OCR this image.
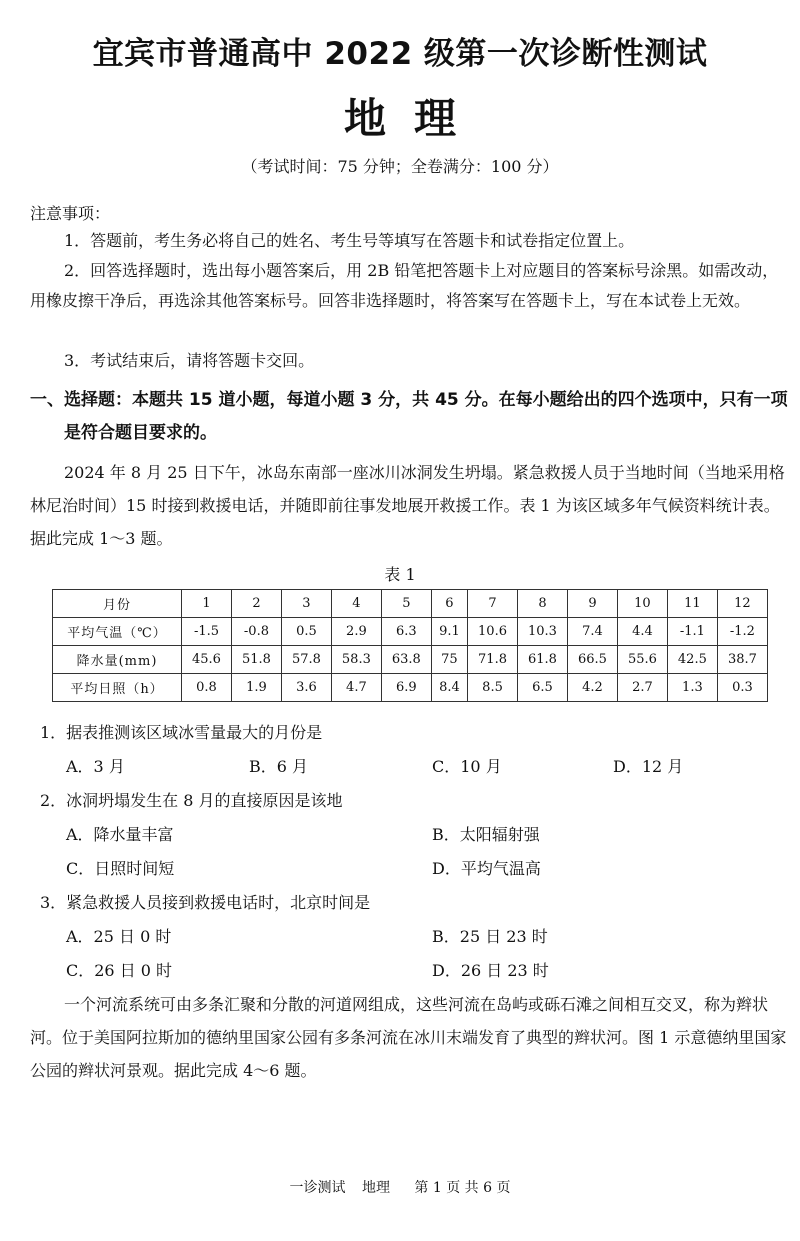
宜宾市普通高中 2022 级第一次诊断性测试
地理
（考试时间：75 分钟；全卷满分：100 分）
注意事项：

1．答题前，考生务必将自己的姓名、考生号等填写在答题卡和试卷指定位置上。

2．回答选择题时，选出每小题答案后，用 2B 铅笔把答题卡上对应题目的答案标号涂黑。如需改动，用橡皮擦干净后，再选涂其他答案标号。回答非选择题时，将答案写在答题卡上，写在本试卷上无效。

3．考试结束后，请将答题卡交回。

一、选择题：本题共 15 道小题，每道小题 3 分，共 45 分。在每小题给出的四个选项中，只有一项是符合题目要求的。

2024 年 8 月 25 日下午，冰岛东南部一座冰川冰洞发生坍塌。紧急救援人员于当地时间（当地采用格林尼治时间）15 时接到救援电话，并随即前往事发地展开救援工作。表 1 为该区域多年气候资料统计表。据此完成 1～3 题。

表 1
月份	1	2	3	4	5	6	7	8	9	10	11	12
平均气温（℃）	-1.5	-0.8	0.5	2.9	6.3	9.1	10.6	10.3	7.4	4.4	-1.1	-1.2
降水量(mm)	45.6	51.8	57.8	58.3	63.8	75	71.8	61.8	66.5	55.6	42.5	38.7
平均日照（h）	0.8	1.9	3.6	4.7	6.9	8.4	8.5	6.5	4.2	2.7	1.3	0.3
1．据表推测该区域冰雪量最大的月份是
A．3 月	B．6 月	C．10 月	D．12 月
2．冰洞坍塌发生在 8 月的直接原因是该地
A．降水量丰富	B．太阳辐射强
C．日照时间短	D．平均气温高
3．紧急救援人员接到救援电话时，北京时间是
A．25 日 0 时	B．25 日 23 时
C．26 日 0 时	D．26 日 23 时

一个河流系统可由多条汇聚和分散的河道网组成，这些河流在岛屿或砾石滩之间相互交叉，称为辫状河。位于美国阿拉斯加的德纳里国家公园有多条河流在冰川末端发育了典型的辫状河。图 1 示意德纳里国家公园的辫状河景观。据此完成 4～6 题。

一诊测试 地理 第 1 页 共 6 页
